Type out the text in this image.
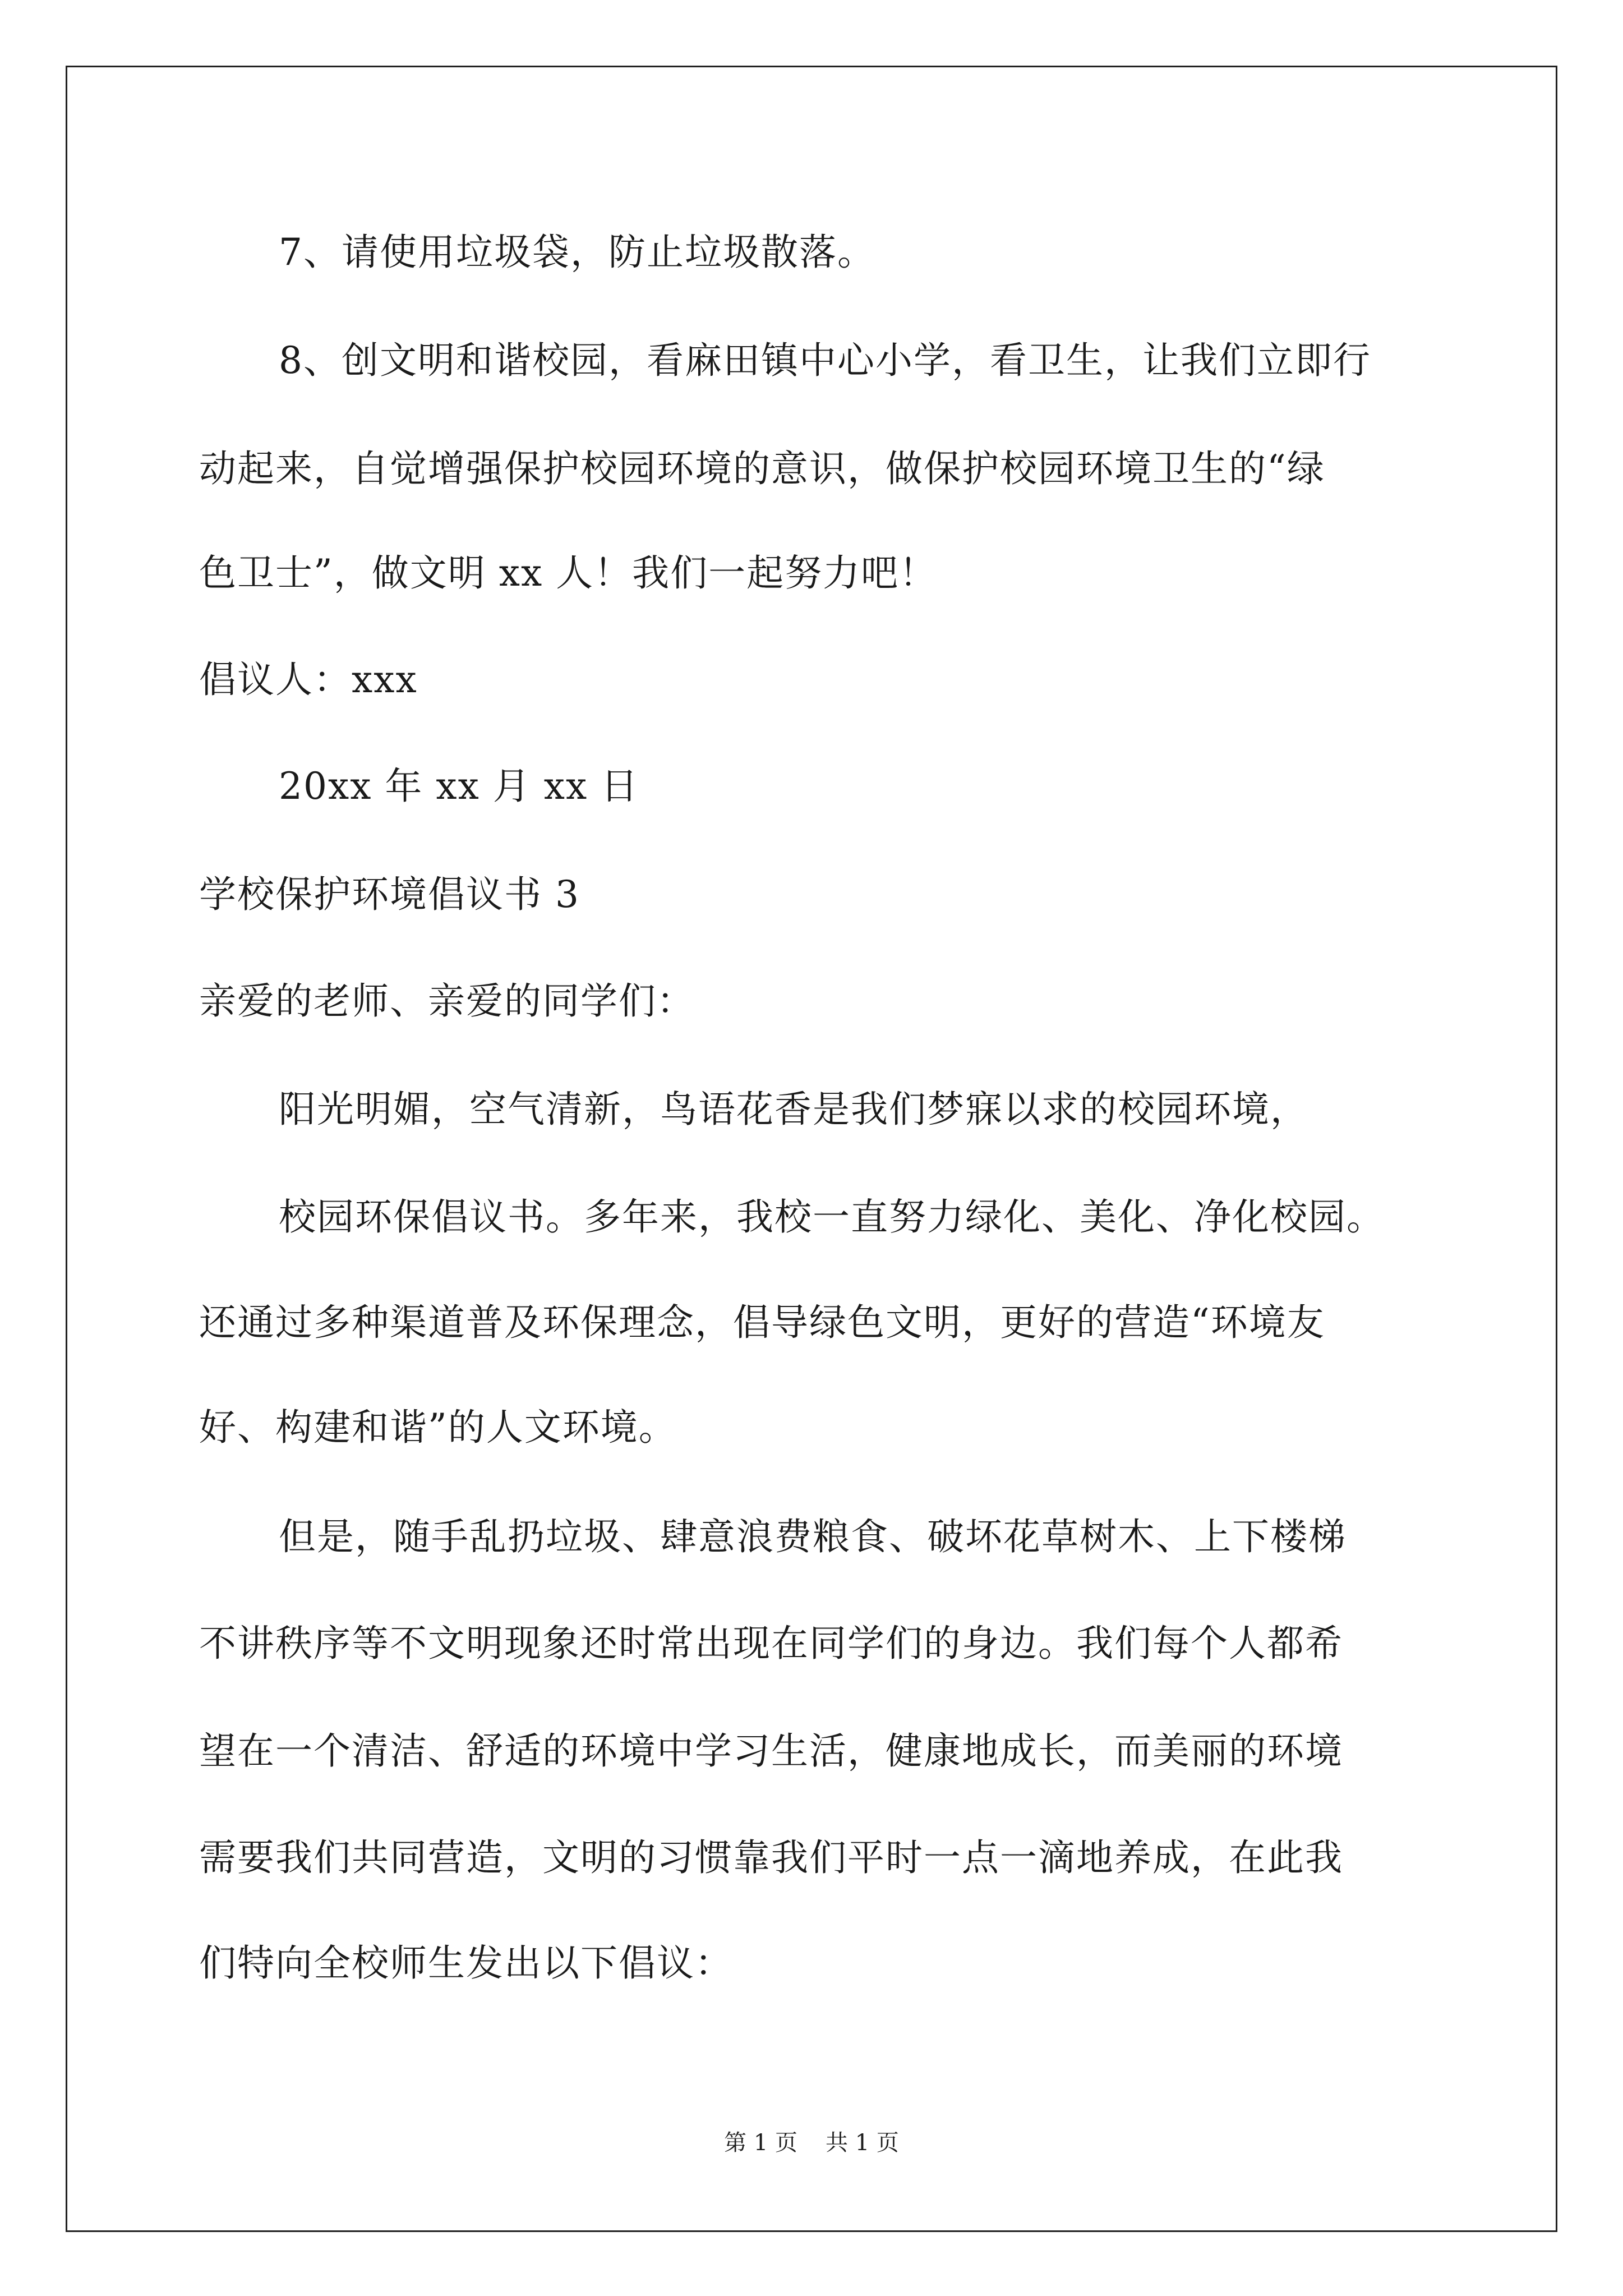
7、请使用垃圾袋，防止垃圾散落。
8、创文明和谐校园，看麻田镇中心小学，看卫生，让我们立即行
动起来，自觉增强保护校园环境的意识，做保护校园环境卫生的“绿
色卫士”，做文明 xx 人！我们一起努力吧！
倡议人：xxx
20xx 年 xx 月 xx 日
学校保护环境倡议书 3
亲爱的老师、亲爱的同学们：
阳光明媚，空气清新，鸟语花香是我们梦寐以求的校园环境，
校园环保倡议书。多年来，我校一直努力绿化、美化、净化校园。
还通过多种渠道普及环保理念，倡导绿色文明，更好的营造“环境友
好、构建和谐”的人文环境。
但是，随手乱扔垃圾、肆意浪费粮食、破坏花草树木、上下楼梯
不讲秩序等不文明现象还时常出现在同学们的身边。我们每个人都希
望在一个清洁、舒适的环境中学习生活，健康地成长，而美丽的环境
需要我们共同营造，文明的习惯靠我们平时一点一滴地养成，在此我
们特向全校师生发出以下倡议：
第 1 页 共 1 页
